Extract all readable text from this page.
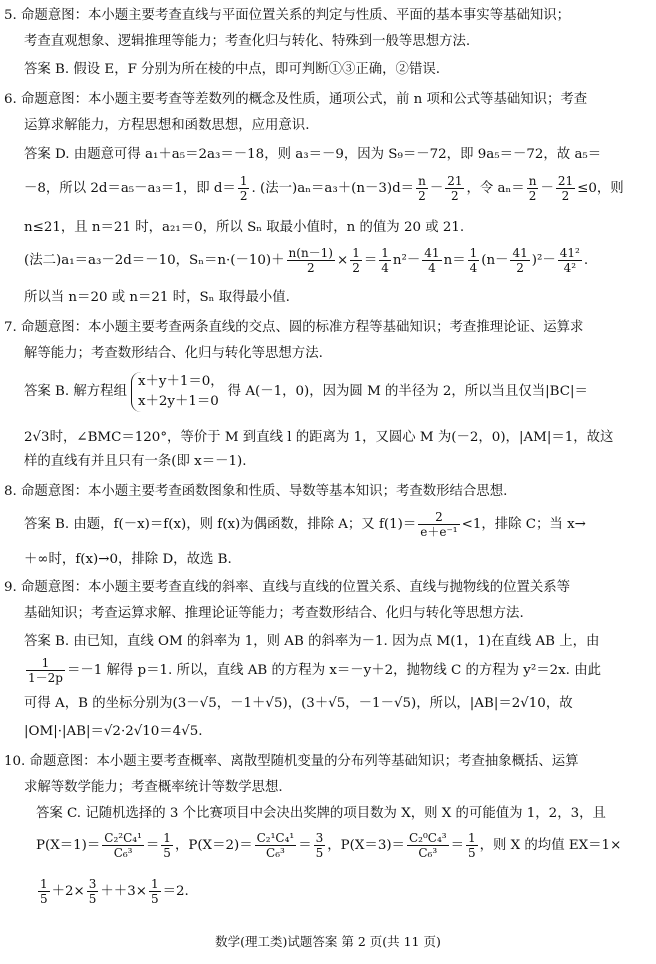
5. 命题意图：本小题主要考查直线与平面位置关系的判定与性质、平面的基本事实等基础知识；
考查直观想象、逻辑推理等能力；考查化归与转化、特殊到一般等思想方法.
答案 B. 假设 E，F 分别为所在棱的中点，即可判断①③正确，②错误.
6. 命题意图：本小题主要考查等差数列的概念及性质，通项公式，前 n 项和公式等基础知识；考查
运算求解能力，方程思想和函数思想，应用意识.
答案 D. 由题意可得 a₁＋a₅＝2a₃＝－18，则 a₃＝－9，因为 S₉＝－72，即 9a₅＝－72，故 a₅＝
－8，所以 2d＝a₅－a₃＝1，即 $d= \frac{1}{2}$ . (法一)$a_n=a_3+(n-3)d= \frac{n}{2} - \frac{21}{2}$ ，令 $a_n= \frac{n}{2} - \frac{21}{2} \le 0$，则
n≤21，且 n＝21 时，a₂₁＝0，所以 Sₙ 取最小值时，n 的值为 20 或 21.
(法二)a₁＝a₃－2d＝－10，$S_n=n\cdot(-10)+ \frac{n(n-1)}{2} \times \frac{1}{2} = \frac{1}{4} n^2- \frac{41}{4} n= \frac{1}{4} (n- \frac{41}{2} )^2- \frac{\text{41²}}{\text{4²}}$ .
所以当 n＝20 或 n＝21 时，Sₙ 取得最小值.
7. 命题意图：本小题主要考查两条直线的交点、圆的标准方程等基础知识；考查推理论证、运算求
解等能力；考查数形结合、化归与转化等思想方法.
答案 B. 解方程组
x＋y＋1＝0，
x＋2y＋1＝0
得 A(－1，0)，因为圆 M 的半径为 2，所以当且仅当|BC|＝
2√3时，∠BMC＝120°，等价于 M 到直线 l 的距离为 1，又圆心 M 为(－2，0)，|AM|＝1，故这
样的直线有并且只有一条(即 x＝－1).
8. 命题意图：本小题主要考查函数图象和性质、导数等基本知识；考查数形结合思想.
答案 B. 由题，f(－x)＝f(x)，则 f(x)为偶函数，排除 A；又 $f(1)= \frac{2}{\text{e＋e⁻¹}} <1$，排除 C；当 x→
＋∞时，f(x)→0，排除 D，故选 B.
9. 命题意图：本小题主要考查直线的斜率、直线与直线的位置关系、直线与抛物线的位置关系等
基础知识；考查运算求解、推理论证等能力；考查数形结合、化归与转化等思想方法.
答案 B. 由已知，直线 OM 的斜率为 1，则 AB 的斜率为－1. 因为点 M(1，1)在直线 AB 上，由
$\frac{1}{1-2p} =-1$ 解得 p＝1. 所以，直线 AB 的方程为 x＝－y＋2，抛物线 C 的方程为 y²＝2x. 由此
可得 A，B 的坐标分别为(3－√5，－1＋√5)，(3＋√5，－1－√5)，所以，|AB|＝2√10，故
|OM|·|AB|＝√2·2√10＝4√5.
10. 命题意图：本小题主要考查概率、离散型随机变量的分布列等基础知识；考查抽象概括、运算
求解等数学能力；考查概率统计等数学思想.
答案 C. 记随机选择的 3 个比赛项目中会决出奖牌的项目数为 X，则 X 的可能值为 1，2，3，且
$P(X=1)= \frac{\text{C₂²C₄¹}}{\text{C₆³}} = \frac{1}{5}$ ，$P(X=2)= \frac{\text{C₂¹C₄¹}}{\text{C₆³}} = \frac{3}{5}$ ，$P(X=3)= \frac{\text{C₂⁰C₄³}}{\text{C₆³}} = \frac{1}{5}$ ，则 X 的均值 EX＝1×
$\frac{1}{5} +2\times \frac{3}{5} ++3\times \frac{1}{5} =2$.
数学(理工类)试题答案 第 2 页(共 11 页)
